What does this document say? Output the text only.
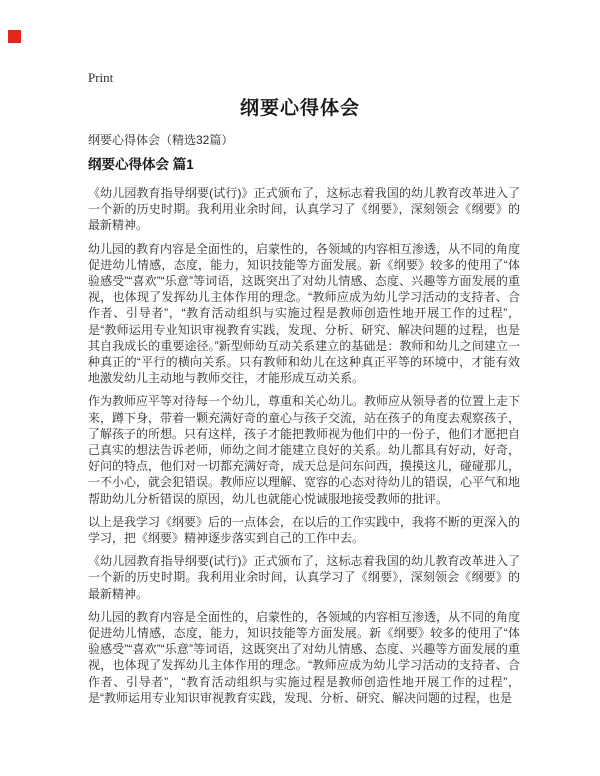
Print
纲要心得体会
纲要心得体会（精选32篇）
纲要心得体会 篇1

《幼儿园教育指导纲要(试行)》正式颁布了，这标志着我国的幼儿教育改革进入了一个新的历史时期。我利用业余时间，认真学习了《纲要》，深刻领会《纲要》的最新精神。

幼儿园的教育内容是全面性的，启蒙性的，各领域的内容相互渗透，从不同的角度促进幼儿情感，态度，能力，知识技能等方面发展。新《纲要》较多的使用了“体验感受”“喜欢”“乐意”等词语，这既突出了对幼儿情感、态度、兴趣等方面发展的重视，也体现了发挥幼儿主体作用的理念。“教师应成为幼儿学习活动的支持者、合作者、引导者”，“教育活动组织与实施过程是教师创造性地开展工作的过程”，是“教师运用专业知识审视教育实践，发现、分析、研究、解决问题的过程，也是其自我成长的重要途径。”新型师幼互动关系建立的基础是：教师和幼儿之间建立一种真正的“平行的横向关系。只有教师和幼儿在这种真正平等的环境中，才能有效地激发幼儿主动地与教师交往，才能形成互动关系。

作为教师应平等对待每一个幼儿，尊重和关心幼儿。教师应从领导者的位置上走下来，蹲下身，带着一颗充满好奇的童心与孩子交流，站在孩子的角度去观察孩子，了解孩子的所想。只有这样，孩子才能把教师视为他们中的一份子，他们才愿把自己真实的想法告诉老师，师幼之间才能建立良好的关系。幼儿都具有好动，好奇，好问的特点，他们对一切都充满好奇，成天总是问东问西，摸摸这儿，碰碰那儿，一不小心，就会犯错误。教师应以理解、宽容的心态对待幼儿的错误，心平气和地帮助幼儿分析错误的原因，幼儿也就能心悦诚服地接受教师的批评。

以上是我学习《纲要》后的一点体会，在以后的工作实践中，我将不断的更深入的学习，把《纲要》精神逐步落实到自己的工作中去。

《幼儿园教育指导纲要(试行)》正式颁布了，这标志着我国的幼儿教育改革进入了一个新的历史时期。我利用业余时间，认真学习了《纲要》，深刻领会《纲要》的最新精神。

幼儿园的教育内容是全面性的，启蒙性的，各领域的内容相互渗透，从不同的角度促进幼儿情感，态度，能力，知识技能等方面发展。新《纲要》较多的使用了“体验感受”“喜欢”“乐意”等词语，这既突出了对幼儿情感、态度、兴趣等方面发展的重视，也体现了发挥幼儿主体作用的理念。“教师应成为幼儿学习活动的支持者、合作者、引导者”，“教育活动组织与实施过程是教师创造性地开展工作的过程”，是“教师运用专业知识审视教育实践，发现、分析、研究、解决问题的过程，也是
